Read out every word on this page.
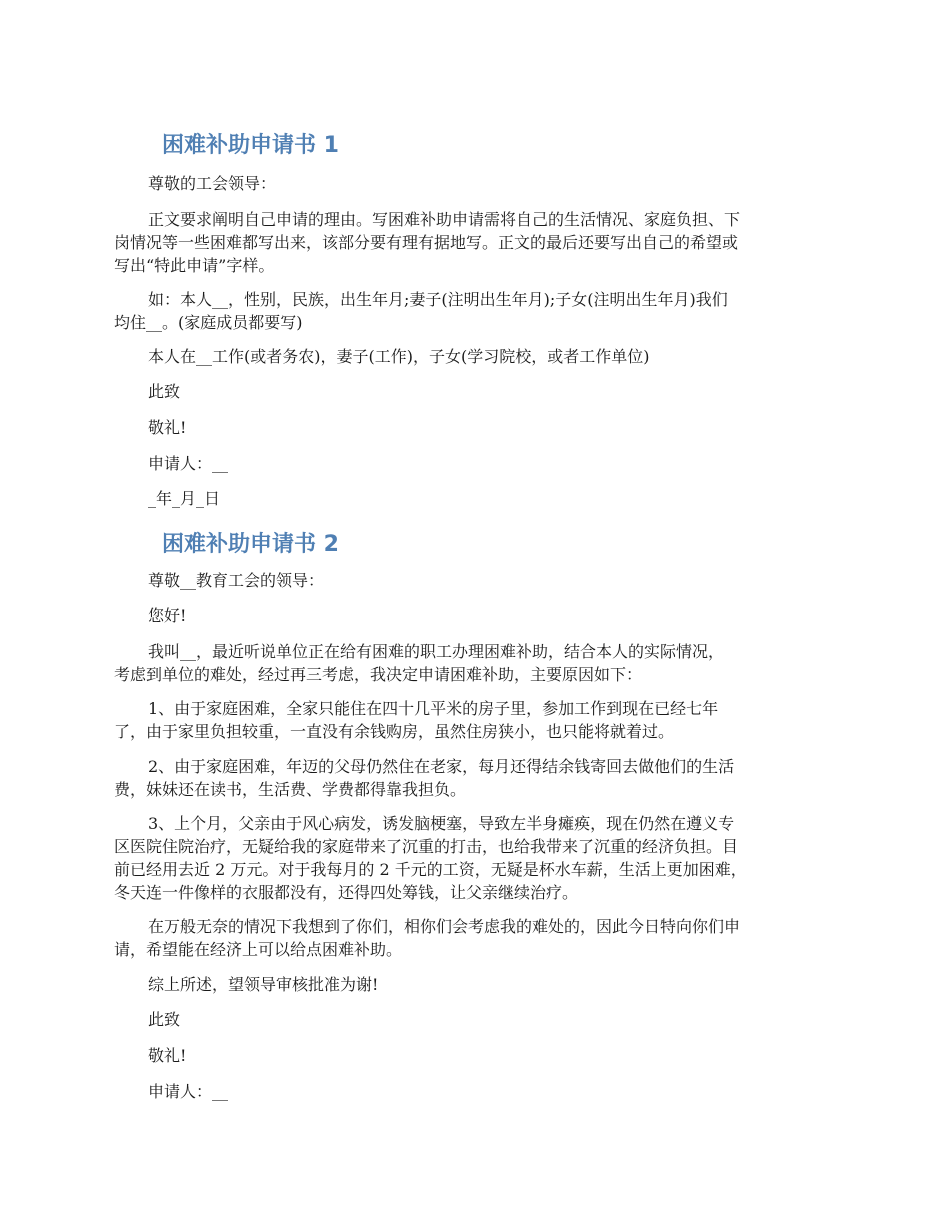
困难补助申请书 1

尊敬的工会领导：

正文要求阐明自己申请的理由。写困难补助申请需将自己的生活情况、家庭负担、下

岗情况等一些困难都写出来，该部分要有理有据地写。正文的最后还要写出自己的希望或

写出“特此申请”字样。

如：本人__，性别，民族，出生年月;妻子(注明出生年月);子女(注明出生年月)我们

均住__。(家庭成员都要写)

本人在__工作(或者务农)，妻子(工作)，子女(学习院校，或者工作单位)

此致

敬礼!

申请人：__

_年_月_日

困难补助申请书 2

尊敬__教育工会的领导：

您好!

我叫__，最近听说单位正在给有困难的职工办理困难补助，结合本人的实际情况，

考虑到单位的难处，经过再三考虑，我决定申请困难补助，主要原因如下：

1、由于家庭困难，全家只能住在四十几平米的房子里，参加工作到现在已经七年

了，由于家里负担较重，一直没有余钱购房，虽然住房狭小，也只能将就着过。

2、由于家庭困难，年迈的父母仍然住在老家，每月还得结余钱寄回去做他们的生活

费，妹妹还在读书，生活费、学费都得靠我担负。

3、上个月，父亲由于风心病发，诱发脑梗塞，导致左半身瘫痪，现在仍然在遵义专

区医院住院治疗，无疑给我的家庭带来了沉重的打击，也给我带来了沉重的经济负担。目

前已经用去近 2 万元。对于我每月的 2 千元的工资，无疑是杯水车薪，生活上更加困难，

冬天连一件像样的衣服都没有，还得四处筹钱，让父亲继续治疗。

在万般无奈的情况下我想到了你们，相你们会考虑我的难处的，因此今日特向你们申

请，希望能在经济上可以给点困难补助。

综上所述，望领导审核批准为谢!

此致

敬礼!

申请人：__
